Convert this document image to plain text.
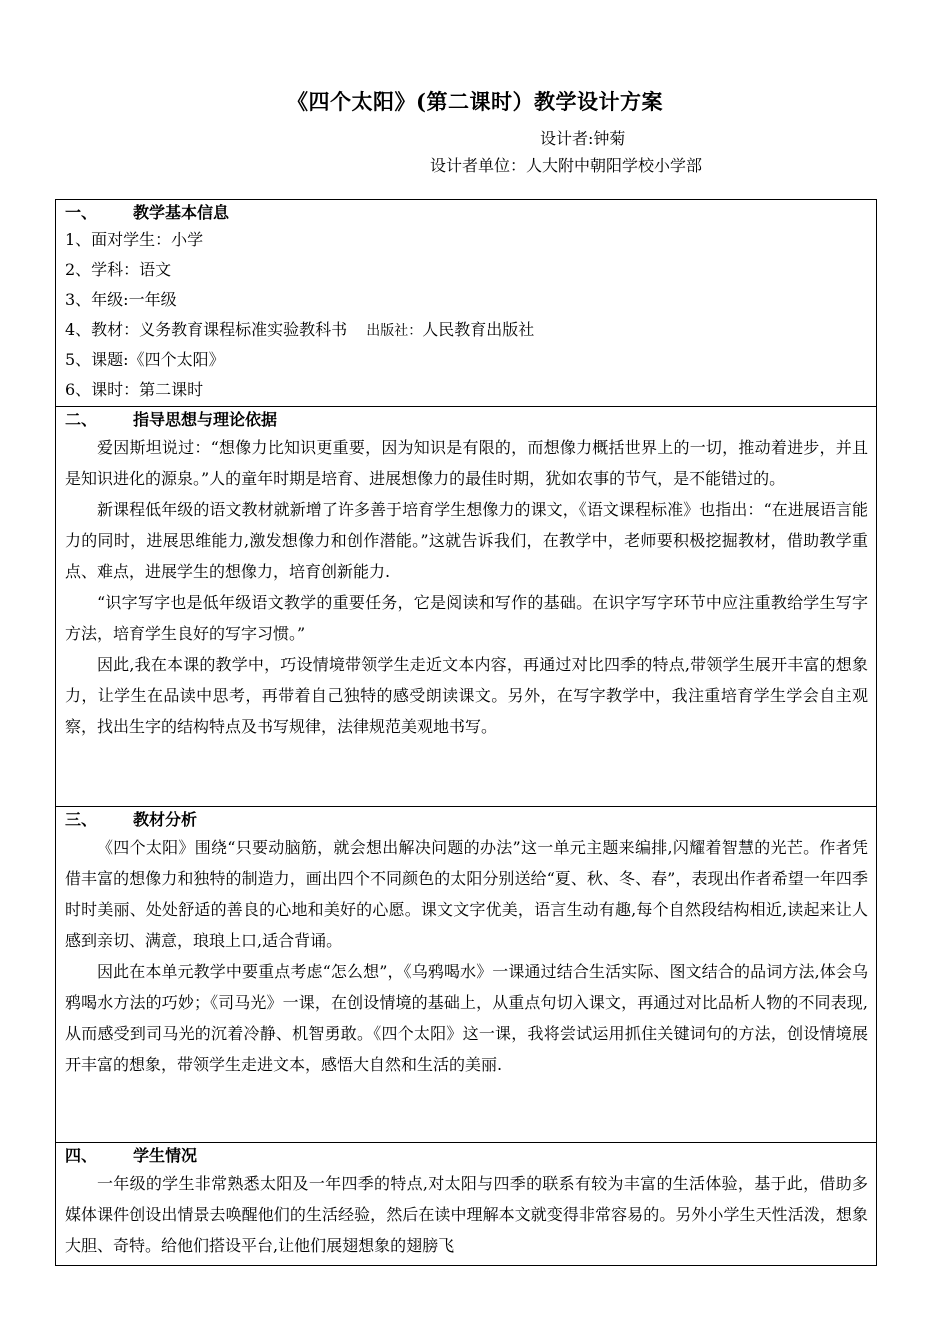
《四个太阳》(第二课时）教学设计方案
设计者:钟菊
设计者单位：人大附中朝阳学校小学部
一、 教学基本信息
1、面对学生：小学
2、学科：语文
3、年级:一年级
4、教材：义务教育课程标准实验教科书 出版社：人民教育出版社
5、课题:《四个太阳》
6、课时：第二课时
二、 指导思想与理论依据

爱因斯坦说过：“想像力比知识更重要，因为知识是有限的，而想像力概括世界上的一切，推动着进步，并且是知识进化的源泉。”人的童年时期是培育、进展想像力的最佳时期，犹如农事的节气，是不能错过的。

新课程低年级的语文教材就新增了许多善于培育学生想像力的课文，《语文课程标准》也指出：“在进展语言能力的同时，进展思维能力,激发想像力和创作潜能。”这就告诉我们，在教学中，老师要积极挖掘教材，借助教学重点、难点，进展学生的想像力，培育创新能力.

“识字写字也是低年级语文教学的重要任务，它是阅读和写作的基础。在识字写字环节中应注重教给学生写字方法，培育学生良好的写字习惯。”

因此,我在本课的教学中，巧设情境带领学生走近文本内容，再通过对比四季的特点,带领学生展开丰富的想象力，让学生在品读中思考，再带着自己独特的感受朗读课文。另外，在写字教学中，我注重培育学生学会自主观察，找出生字的结构特点及书写规律，法律规范美观地书写。

三、 教材分析

《四个太阳》围绕“只要动脑筋，就会想出解决问题的办法”这一单元主题来编排,闪耀着智慧的光芒。作者凭借丰富的想像力和独特的制造力，画出四个不同颜色的太阳分别送给“夏、秋、冬、春”，表现出作者希望一年四季时时美丽、处处舒适的善良的心地和美好的心愿。课文文字优美，语言生动有趣,每个自然段结构相近,读起来让人感到亲切、满意，琅琅上口,适合背诵。

因此在本单元教学中要重点考虑“怎么想”，《乌鸦喝水》一课通过结合生活实际、图文结合的品词方法,体会乌鸦喝水方法的巧妙；《司马光》一课，在创设情境的基础上，从重点句切入课文，再通过对比品析人物的不同表现,从而感受到司马光的沉着冷静、机智勇敢。《四个太阳》这一课，我将尝试运用抓住关键词句的方法，创设情境展开丰富的想象，带领学生走进文本，感悟大自然和生活的美丽.

四、 学生情况

一年级的学生非常熟悉太阳及一年四季的特点,对太阳与四季的联系有较为丰富的生活体验，基于此，借助多媒体课件创设出情景去唤醒他们的生活经验，然后在读中理解本文就变得非常容易的。另外小学生天性活泼，想象大胆、奇特。给他们搭设平台,让他们展翅想象的翅膀飞
